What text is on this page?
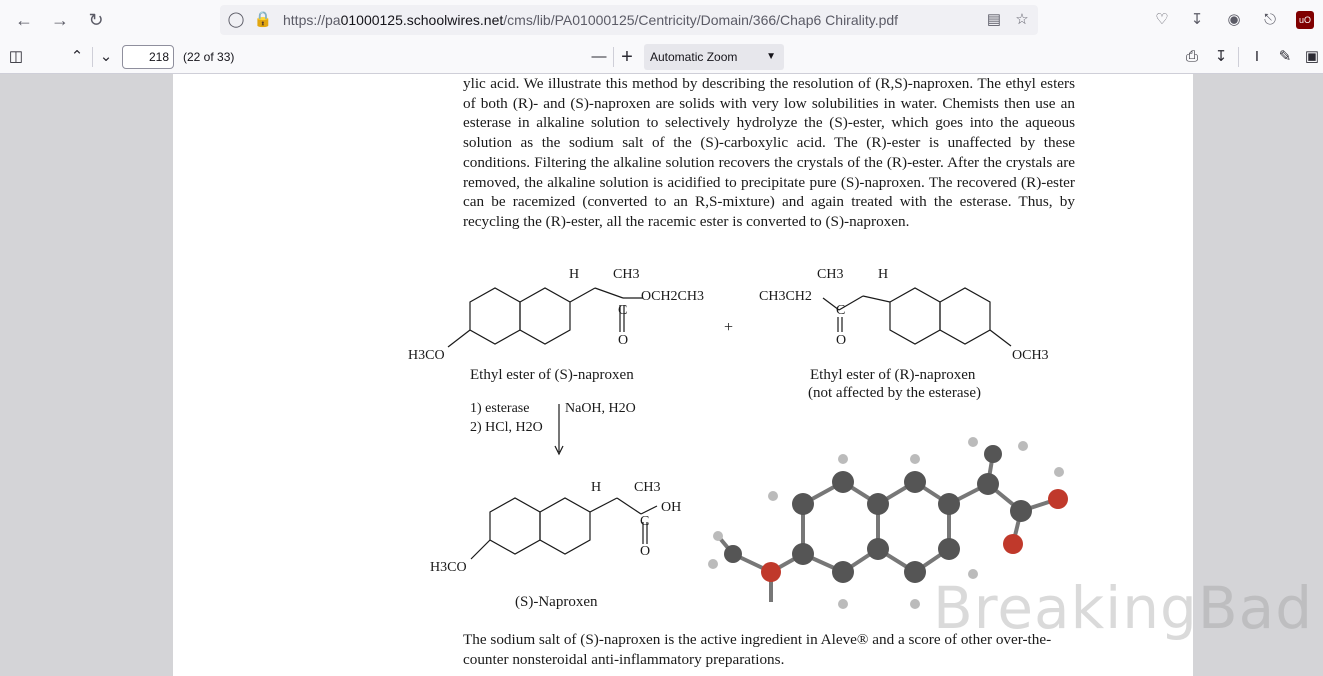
← → ↻	◯ 🔒 https://pa01000125.schoolwires.net/cms/lib/PA01000125/Centricity/Domain/366/Chap6 Chirality.pdf	▤ ☆	♡ ↧ ◉ ⎋	uO
◫	⌃	⌄	218	(22 of 33)	— +	Automatic Zoom	▼	⎙	↧	I	✎ ▣
ylic acid. We illustrate this method by describing the resolution of (R,S)-naproxen. The ethyl esters of both (R)- and (S)-naproxen are solids with very low solubilities in water. Chemists then use an esterase in alkaline solution to selectively hydrolyze the (S)-ester, which goes into the aqueous solution as the sodium salt of the (S)-carboxylic acid. The (R)-ester is unaffected by these conditions. Filtering the alkaline solution recovers the crystals of the (R)-ester. After the crystals are removed, the alkaline solution is acidified to precipitate pure (S)-naproxen. The recovered (R)-ester can be racemized (converted to an R,S-mixture) and again treated with the esterase. Thus, by recycling the (R)-ester, all the racemic ester is converted to (S)-naproxen.
H CH3
OCH2CH3
C
O
H3CO
Ethyl ester of (S)-naproxen
+
CH3 H
CH3CH2
C
O
OCH3
Ethyl ester of (R)-naproxen
(not affected by the esterase)
1) esterase
2) HCl, H2O
NaOH, H2O
H CH3
OH
C
O
H3CO
(S)-Naproxen	BreakingBad
The sodium salt of (S)-naproxen is the active ingredient in Aleve® and a score of other over-the-counter nonsteroidal anti-inflammatory preparations.
